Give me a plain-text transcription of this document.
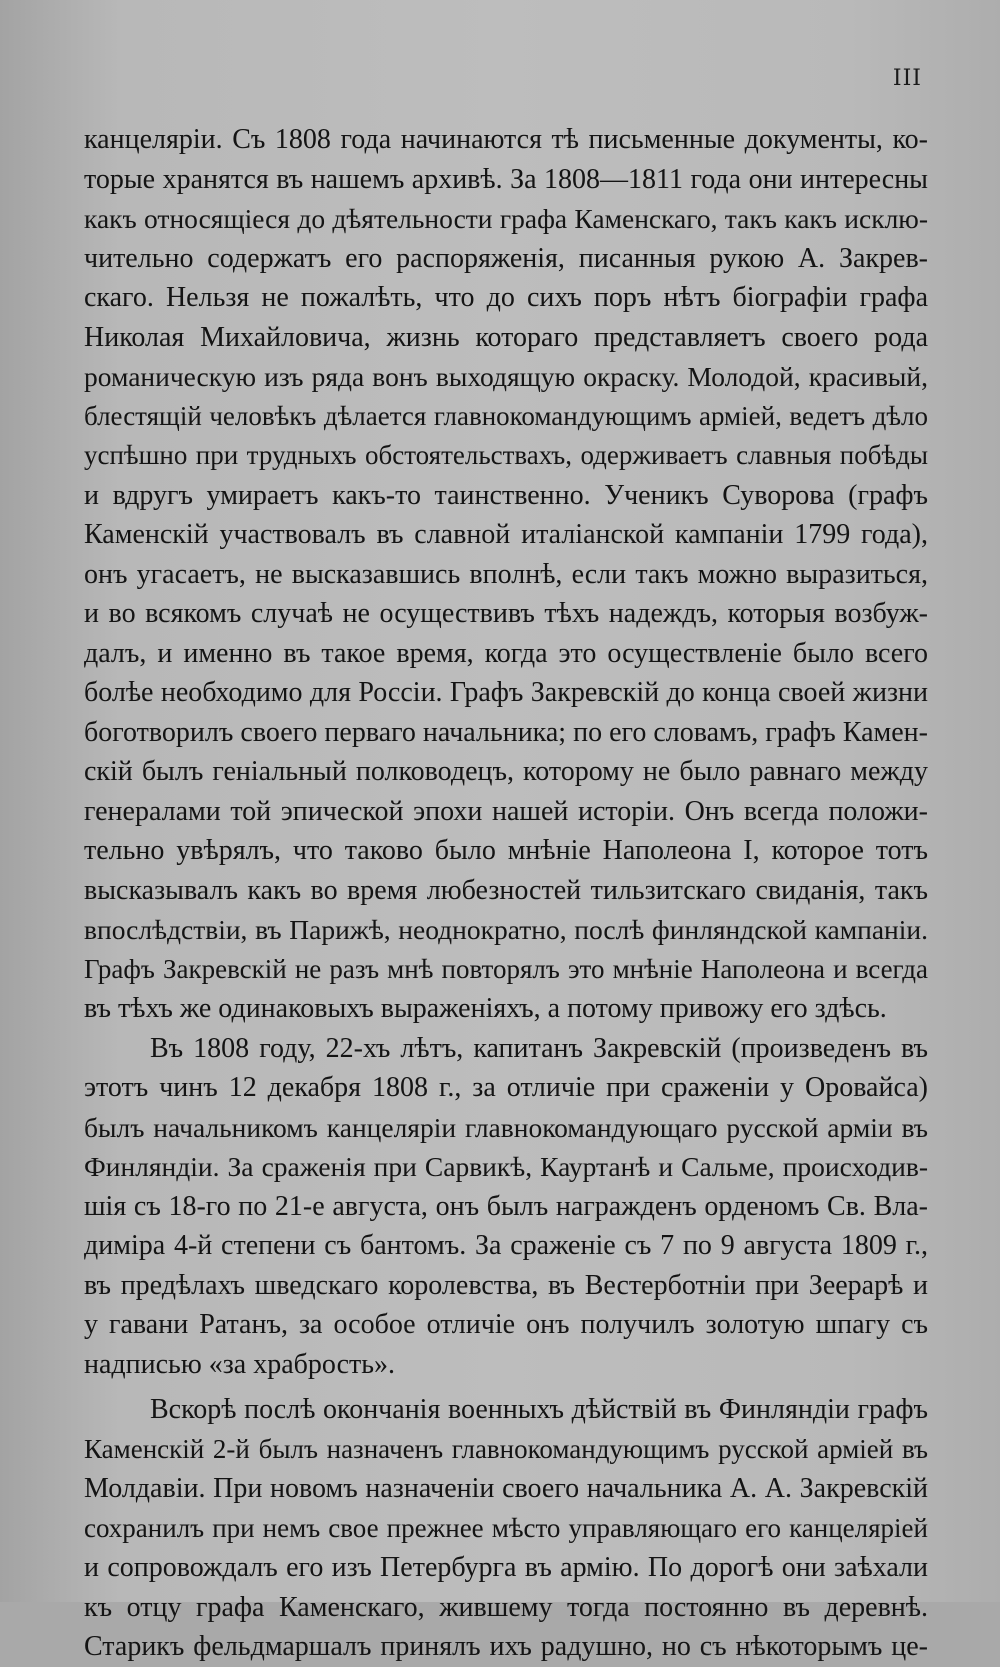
III
канцеляріи. Съ 1808 года начинаются тѣ письменные документы, ко-
торые хранятся въ нашемъ архивѣ. За 1808—1811 года они интересны
какъ относящіеся до дѣятельности графа Каменскаго, такъ какъ исклю-
чительно содержатъ его распоряженія, писанныя рукою А. Закрев-
скаго. Нельзя не пожалѣть, что до сихъ поръ нѣтъ біографіи графа
Николая Михайловича, жизнь котораго представляетъ своего рода
романическую изъ ряда вонъ выходящую окраску. Молодой, красивый,
блестящій человѣкъ дѣлается главнокомандующимъ арміей, ведетъ дѣло
успѣшно при трудныхъ обстоятельствахъ, одерживаетъ славныя побѣды
и вдругъ умираетъ какъ-то таинственно. Ученикъ Суворова (графъ
Каменскій участвовалъ въ славной италіанской кампаніи 1799 года),
онъ угасаетъ, не высказавшись вполнѣ, если такъ можно выразиться,
и во всякомъ случаѣ не осуществивъ тѣхъ надеждъ, которыя возбуж-
далъ, и именно въ такое время, когда это осуществленіе было всего
болѣе необходимо для Россіи. Графъ Закревскій до конца своей жизни
боготворилъ своего перваго начальника; по его словамъ, графъ Камен-
скій былъ геніальный полководецъ, которому не было равнаго между
генералами той эпической эпохи нашей исторіи. Онъ всегда положи-
тельно увѣрялъ, что таково было мнѣніе Наполеона I, которое тотъ
высказывалъ какъ во время любезностей тильзитскаго свиданія, такъ
впослѣдствіи, въ Парижѣ, неоднократно, послѣ финляндской кампаніи.
Графъ Закревскій не разъ мнѣ повторялъ это мнѣніе Наполеона и всегда
въ тѣхъ же одинаковыхъ выраженіяхъ, а потому привожу его здѣсь.
Въ 1808 году, 22-хъ лѣтъ, капитанъ Закревскій (произведенъ въ
этотъ чинъ 12 декабря 1808 г., за отличіе при сраженіи у Оровайса)
былъ начальникомъ канцеляріи главнокомандующаго русской арміи въ
Финляндіи. За сраженія при Сарвикѣ, Кауртанѣ и Сальме, происходив-
шія съ 18-го по 21-е августа, онъ былъ награжденъ орденомъ Св. Вла-
диміра 4-й степени съ бантомъ. За сраженіе съ 7 по 9 августа 1809 г.,
въ предѣлахъ шведскаго королевства, въ Вестерботніи при Зеерарѣ и
у гавани Ратанъ, за особое отличіе онъ получилъ золотую шпагу съ
надписью «за храбрость».
Вскорѣ послѣ окончанія военныхъ дѣйствій въ Финляндіи графъ
Каменскій 2-й былъ назначенъ главнокомандующимъ русской арміей въ
Молдавіи. При новомъ назначеніи своего начальника А. А. Закревскій
сохранилъ при немъ свое прежнее мѣсто управляющаго его канцеляріей
и сопровождалъ его изъ Петербурга въ армію. По дорогѣ они заѣхали
къ отцу графа Каменскаго, жившему тогда постоянно въ деревнѣ.
Старикъ фельдмаршалъ принялъ ихъ радушно, но съ нѣкоторымъ це-
